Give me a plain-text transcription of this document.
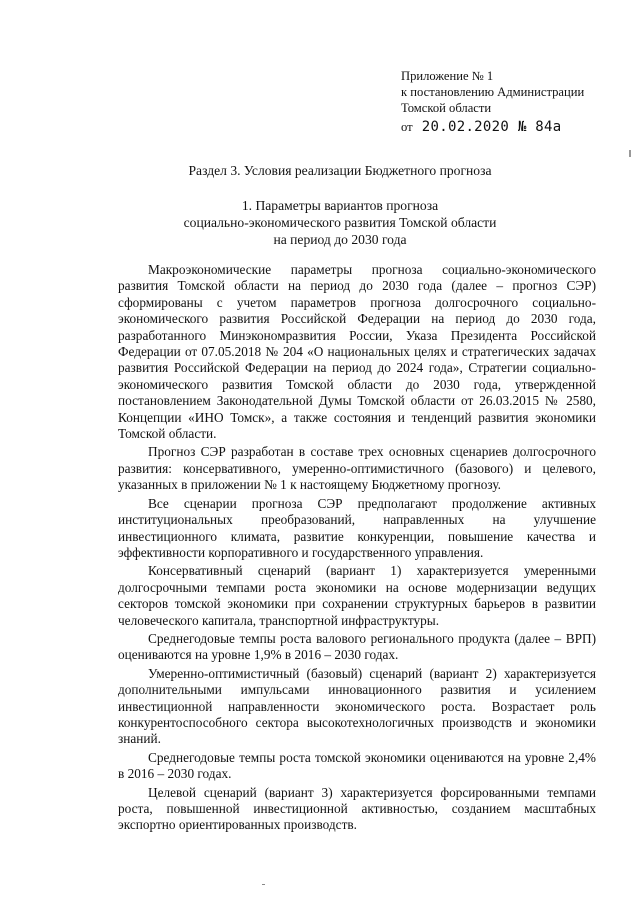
Приложение № 1
к постановлению Администрации
Томской области
от 20.02.2020 № 84а
Раздел 3. Условия реализации Бюджетного прогноза
1. Параметры вариантов прогноза
социально-экономического развития Томской области
на период до 2030 года

Макроэкономические параметры прогноза социально-экономического развития Томской области на период до 2030 года (далее – прогноз СЭР) сформированы с учетом параметров прогноза долгосрочного социально-экономического развития Российской Федерации на период до 2030 года, разработанного Минэкономразвития России, Указа Президента Российской Федерации от 07.05.2018 № 204 «О национальных целях и стратегических задачах развития Российской Федерации на период до 2024 года», Стратегии социально-экономического развития Томской области до 2030 года, утвержденной постановлением Законодательной Думы Томской области от 26.03.2015 № 2580, Концепции «ИНО Томск», а также состояния и тенденций развития экономики Томской области.

Прогноз СЭР разработан в составе трех основных сценариев долгосрочного развития: консервативного, умеренно-оптимистичного (базового) и целевого, указанных в приложении № 1 к настоящему Бюджетному прогнозу.

Все сценарии прогноза СЭР предполагают продолжение активных институциональных преобразований, направленных на улучшение инвестиционного климата, развитие конкуренции, повышение качества и эффективности корпоративного и государственного управления.

Консервативный сценарий (вариант 1) характеризуется умеренными долгосрочными темпами роста экономики на основе модернизации ведущих секторов томской экономики при сохранении структурных барьеров в развитии человеческого капитала, транспортной инфраструктуры.

Среднегодовые темпы роста валового регионального продукта (далее – ВРП) оцениваются на уровне 1,9% в 2016 – 2030 годах.

Умеренно-оптимистичный (базовый) сценарий (вариант 2) характеризуется дополнительными импульсами инновационного развития и усилением инвестиционной направленности экономического роста. Возрастает роль конкурентоспособного сектора высокотехнологичных производств и экономики знаний.

Среднегодовые темпы роста томской экономики оцениваются на уровне 2,4% в 2016 – 2030 годах.

Целевой сценарий (вариант 3) характеризуется форсированными темпами роста, повышенной инвестиционной активностью, созданием масштабных экспортно ориентированных производств.
